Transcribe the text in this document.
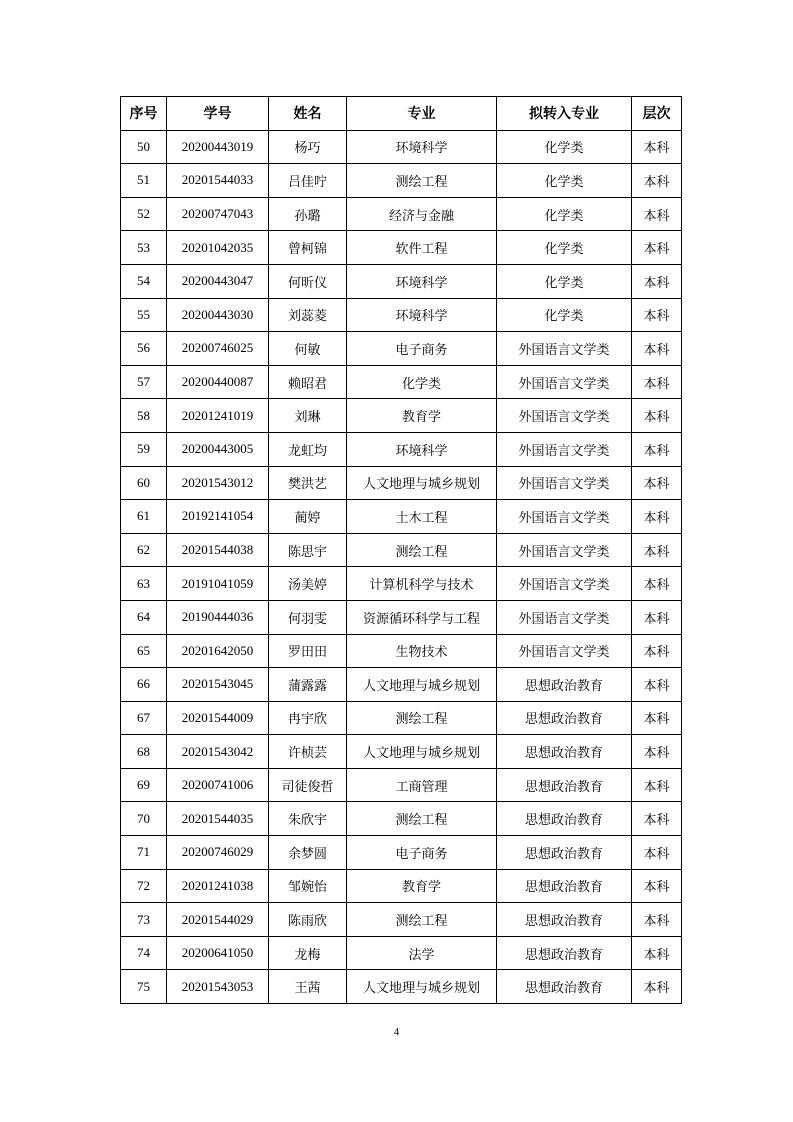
序号	学号	姓名	专业	拟转入专业	层次
50	20200443019	杨巧	环境科学	化学类	本科
51	20201544033	吕佳咛	测绘工程	化学类	本科
52	20200747043	孙璐	经济与金融	化学类	本科
53	20201042035	曾柯锦	软件工程	化学类	本科
54	20200443047	何昕仪	环境科学	化学类	本科
55	20200443030	刘蕊菱	环境科学	化学类	本科
56	20200746025	何敏	电子商务	外国语言文学类	本科
57	20200440087	赖昭君	化学类	外国语言文学类	本科
58	20201241019	刘琳	教育学	外国语言文学类	本科
59	20200443005	龙虹均	环境科学	外国语言文学类	本科
60	20201543012	樊洪艺	人文地理与城乡规划	外国语言文学类	本科
61	20192141054	蔺婷	土木工程	外国语言文学类	本科
62	20201544038	陈思宇	测绘工程	外国语言文学类	本科
63	20191041059	汤美婷	计算机科学与技术	外国语言文学类	本科
64	20190444036	何羽雯	资源循环科学与工程	外国语言文学类	本科
65	20201642050	罗田田	生物技术	外国语言文学类	本科
66	20201543045	蒲露露	人文地理与城乡规划	思想政治教育	本科
67	20201544009	冉宇欣	测绘工程	思想政治教育	本科
68	20201543042	许桢芸	人文地理与城乡规划	思想政治教育	本科
69	20200741006	司徒俊哲	工商管理	思想政治教育	本科
70	20201544035	朱欣宇	测绘工程	思想政治教育	本科
71	20200746029	余梦圆	电子商务	思想政治教育	本科
72	20201241038	邹婉怡	教育学	思想政治教育	本科
73	20201544029	陈雨欣	测绘工程	思想政治教育	本科
74	20200641050	龙梅	法学	思想政治教育	本科
75	20201543053	王茜	人文地理与城乡规划	思想政治教育	本科
4
